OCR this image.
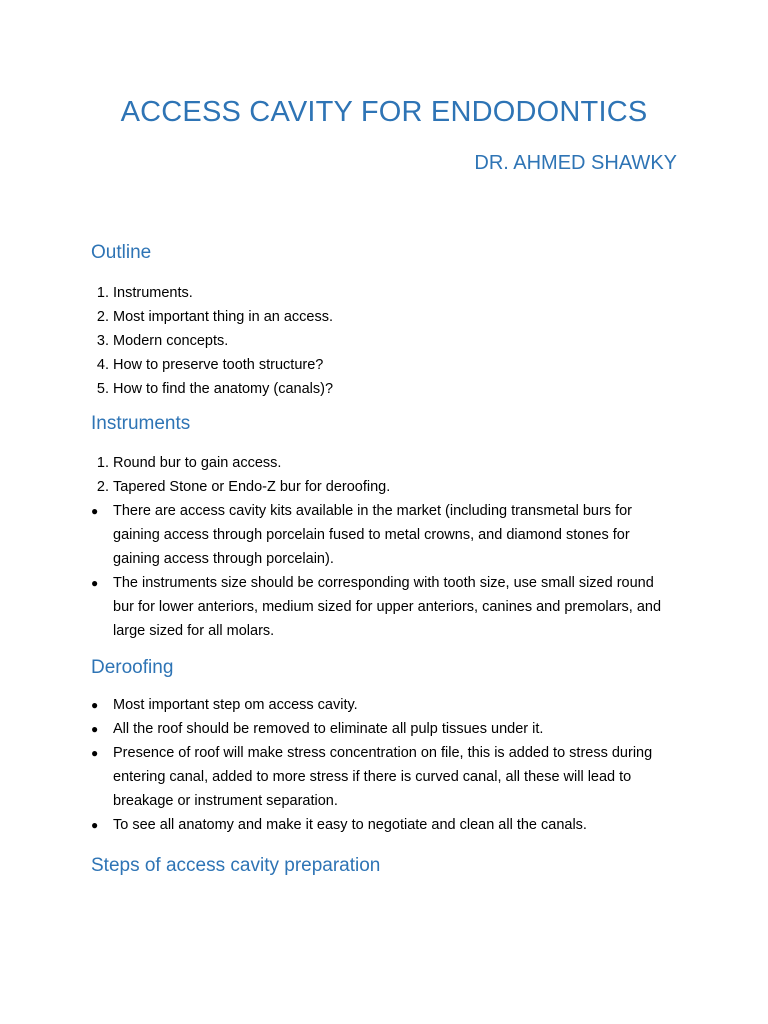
ACCESS CAVITY FOR ENDODONTICS
DR. AHMED SHAWKY
Outline
1. Instruments.
2. Most important thing in an access.
3. Modern concepts.
4. How to preserve tooth structure?
5. How to find the anatomy (canals)?
Instruments
1. Round bur to gain access.
2. Tapered Stone or Endo-Z bur for deroofing.
● There are access cavity kits available in the market (including transmetal burs for gaining access through porcelain fused to metal crowns, and diamond stones for gaining access through porcelain).
● The instruments size should be corresponding with tooth size, use small sized round bur for lower anteriors, medium sized for upper anteriors, canines and premolars, and large sized for all molars.
Deroofing
● Most important step om access cavity.
● All the roof should be removed to eliminate all pulp tissues under it.
● Presence of roof will make stress concentration on file, this is added to stress during entering canal, added to more stress if there is curved canal, all these will lead to breakage or instrument separation.
● To see all anatomy and make it easy to negotiate and clean all the canals.
Steps of access cavity preparation
